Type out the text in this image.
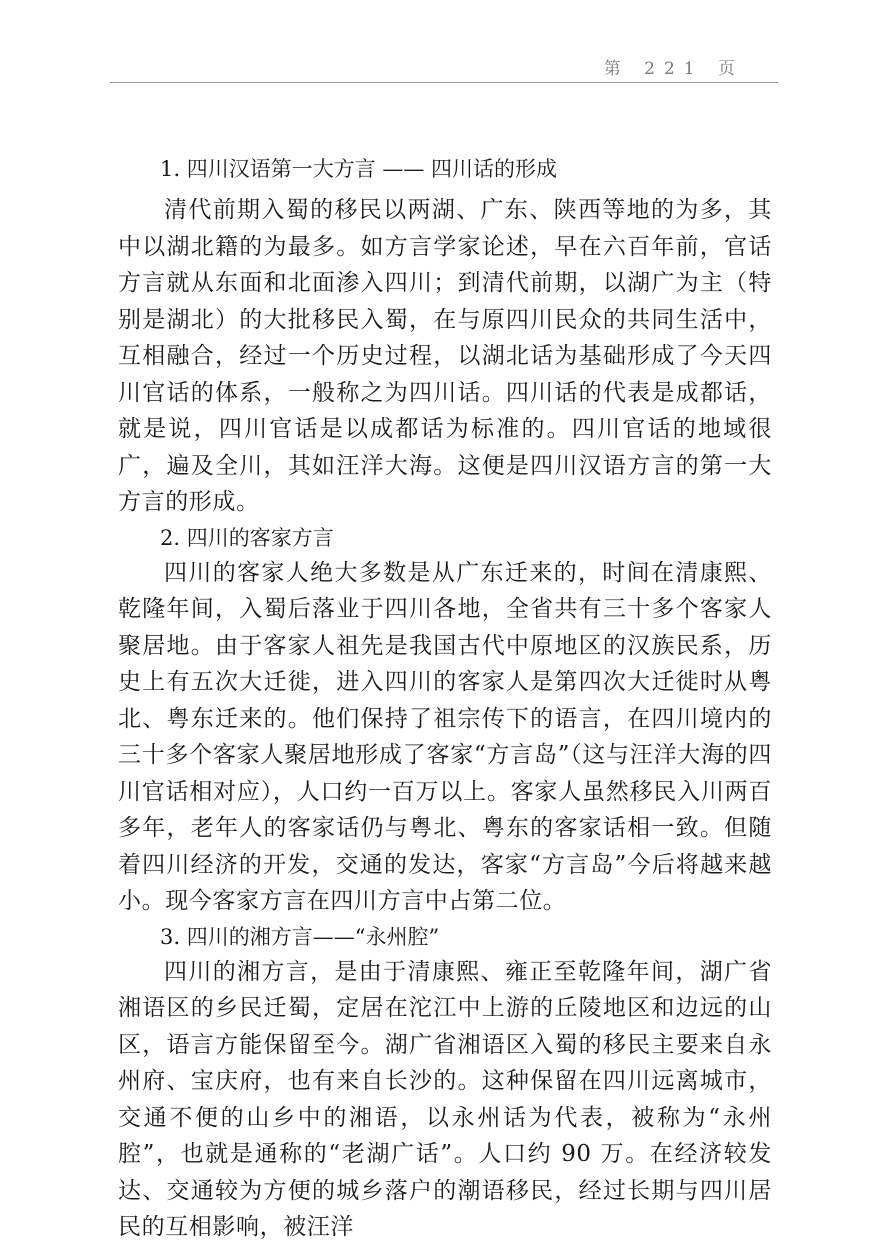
第 221 页

1. 四川汉语第一大方言 —— 四川话的形成

清代前期入蜀的移民以两湖、广东、陕西等地的为多，其中以湖北籍的为最多。如方言学家论述，早在六百年前，官话方言就从东面和北面渗入四川；到清代前期，以湖广为主（特别是湖北）的大批移民入蜀，在与原四川民众的共同生活中，互相融合，经过一个历史过程，以湖北话为基础形成了今天四川官话的体系，一般称之为四川话。四川话的代表是成都话，就是说，四川官话是以成都话为标准的。四川官话的地域很广，遍及全川，其如汪洋大海。这便是四川汉语方言的第一大方言的形成。

2. 四川的客家方言

四川的客家人绝大多数是从广东迁来的，时间在清康熙、乾隆年间，入蜀后落业于四川各地，全省共有三十多个客家人聚居地。由于客家人祖先是我国古代中原地区的汉族民系，历史上有五次大迁徙，进入四川的客家人是第四次大迁徙时从粤北、粤东迁来的。他们保持了祖宗传下的语言，在四川境内的三十多个客家人聚居地形成了客家“方言岛”（这与汪洋大海的四川官话相对应），人口约一百万以上。客家人虽然移民入川两百多年，老年人的客家话仍与粤北、粤东的客家话相一致。但随着四川经济的开发，交通的发达，客家“方言岛”今后将越来越小。现今客家方言在四川方言中占第二位。

3. 四川的湘方言——“永州腔”

四川的湘方言，是由于清康熙、雍正至乾隆年间，湖广省湘语区的乡民迁蜀，定居在沱江中上游的丘陵地区和边远的山区，语言方能保留至今。湖广省湘语区入蜀的移民主要来自永州府、宝庆府，也有来自长沙的。这种保留在四川远离城市，交通不便的山乡中的湘语，以永州话为代表，被称为“永州腔”，也就是通称的“老湖广话”。人口约 90 万。在经济较发达、交通较为方便的城乡落户的潮语移民，经过长期与四川居民的互相影响，被汪洋
